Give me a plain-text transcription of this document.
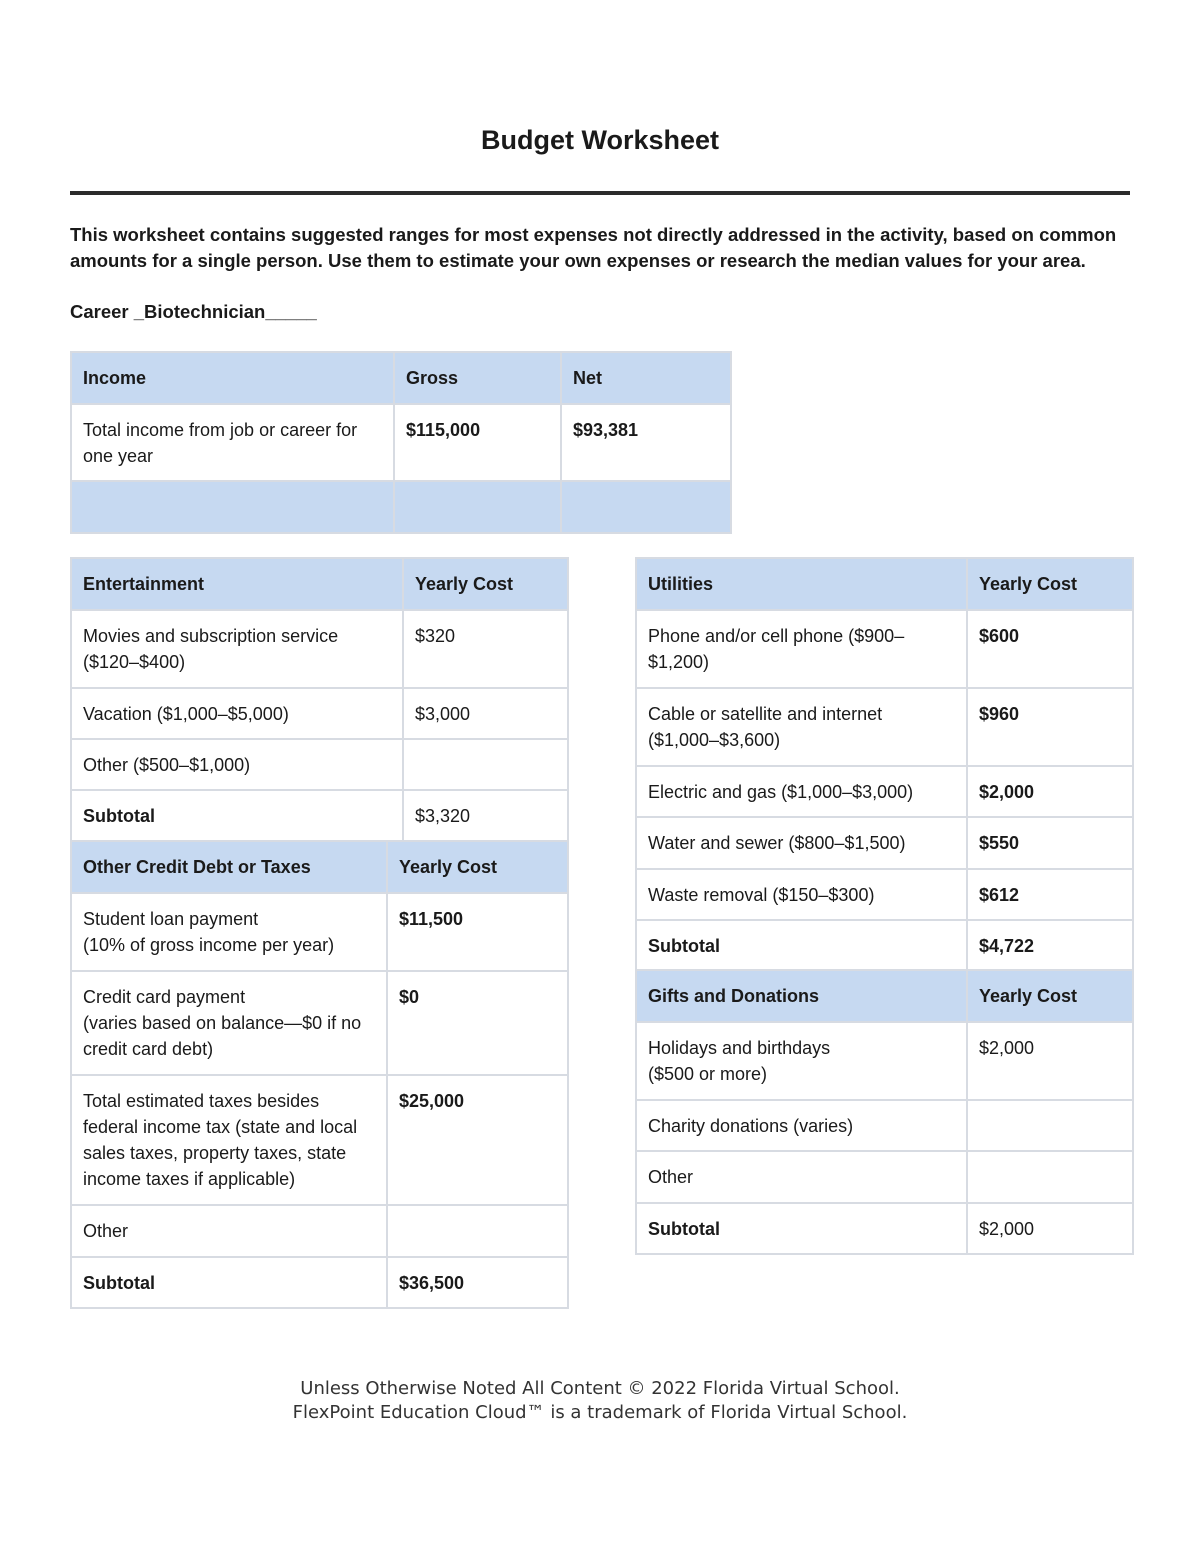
Budget Worksheet
This worksheet contains suggested ranges for most expenses not directly addressed in the activity, based on common amounts for a single person. Use them to estimate your own expenses or research the median values for your area.
Career _Biotechnician_____
Income	Gross	Net
Total income from job or career for one year	$115,000	$93,381

Entertainment	Yearly Cost
Movies and subscription service ($120–$400)	$320
Vacation ($1,000–$5,000)	$3,000
Other ($500–$1,000)	
Subtotal	$3,320
Other Credit Debt or Taxes	Yearly Cost

Student loan payment
(10% of gross income per year)	$11,500

Credit card payment
(varies based on balance—$0 if no credit card debt)	$0
Total estimated taxes besides federal income tax (state and local sales taxes, property taxes, state income taxes if applicable)	$25,000
Other	
Subtotal	$36,500
Utilities	Yearly Cost
Phone and/or cell phone ($900–$1,200)	$600
Cable or satellite and internet ($1,000–$3,600)	$960
Electric and gas ($1,000–$3,000)	$2,000
Water and sewer ($800–$1,500)	$550
Waste removal ($150–$300)	$612
Subtotal	$4,722
Gifts and Donations	Yearly Cost

Holidays and birthdays
($500 or more)	$2,000
Charity donations (varies)	
Other	
Subtotal	$2,000
Unless Otherwise Noted All Content © 2022 Florida Virtual School.
FlexPoint Education Cloud™ is a trademark of Florida Virtual School.
